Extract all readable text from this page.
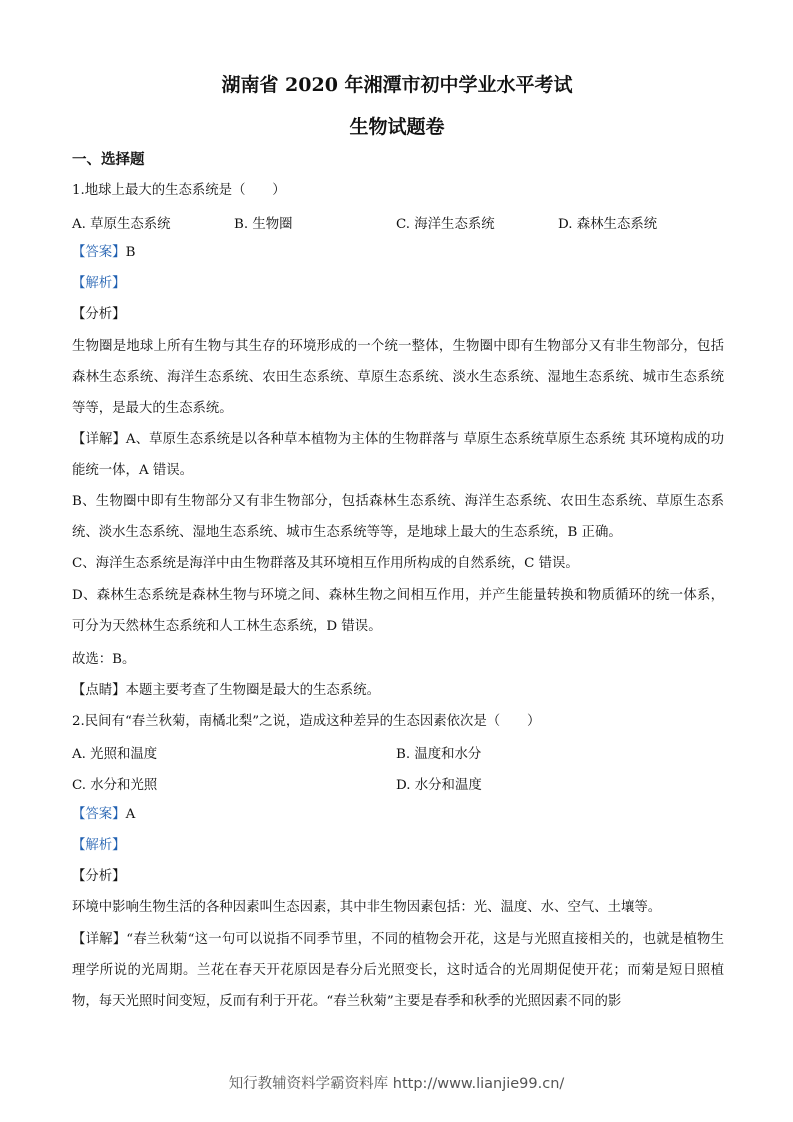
湖南省 2020 年湘潭市初中学业水平考试
生物试题卷
一、选择题
1.地球上最大的生态系统是（　　）
A. 草原生态系统	B. 生物圈	C. 海洋生态系统	D. 森林生态系统
【答案】B
【解析】
【分析】
生物圈是地球上所有生物与其生存的环境形成的一个统一整体，生物圈中即有生物部分又有非生物部分，包括森林生态系统、海洋生态系统、农田生态系统、草原生态系统、淡水生态系统、湿地生态系统、城市生态系统等等，是最大的生态系统。
【详解】A、草原生态系统是以各种草本植物为主体的生物群落与 草原生态系统草原生态系统 其环境构成的功能统一体，A 错误。
B、生物圈中即有生物部分又有非生物部分，包括森林生态系统、海洋生态系统、农田生态系统、草原生态系统、淡水生态系统、湿地生态系统、城市生态系统等等，是地球上最大的生态系统，B 正确。
C、海洋生态系统是海洋中由生物群落及其环境相互作用所构成的自然系统，C 错误。
D、森林生态系统是森林生物与环境之间、森林生物之间相互作用，并产生能量转换和物质循环的统一体系，可分为天然林生态系统和人工林生态系统，D 错误。
故选：B。
【点睛】本题主要考查了生物圈是最大的生态系统。
2.民间有“春兰秋菊，南橘北梨”之说，造成这种差异的生态因素依次是（　　）
A. 光照和温度	B. 温度和水分
C. 水分和光照	D. 水分和温度
【答案】A
【解析】
【分析】
环境中影响生物生活的各种因素叫生态因素，其中非生物因素包括：光、温度、水、空气、土壤等。
【详解】“春兰秋菊“这一句可以说指不同季节里，不同的植物会开花，这是与光照直接相关的，也就是植物生理学所说的光周期。兰花在春天开花原因是春分后光照变长，这时适合的光周期促使开花；而菊是短日照植物，每天光照时间变短，反而有利于开花。“春兰秋菊”主要是春季和秋季的光照因素不同的影
知行教辅资料学霸资料库 http://www.lianjie99.cn/
